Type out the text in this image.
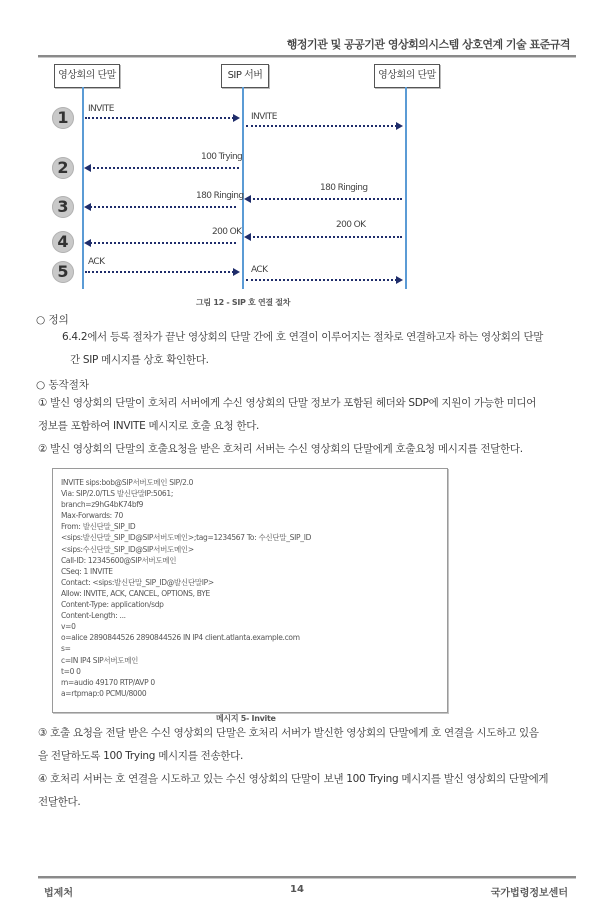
행정기관 및 공공기관 영상회의시스템 상호연계 기술 표준규격
영상회의 단말	SIP 서버	영상회의 단말
1
2
3
4
5
INVITE
INVITE
100 Trying
180 Ringing
180 Ringing
200 OK
200 OK
ACK
ACK
그림 12 - SIP 호 연결 절차
○ 정의
6.4.2에서 등록 절차가 끝난 영상회의 단말 간에 호 연결이 이루어지는 절차로 연결하고자 하는 영상회의 단말
간 SIP 메시지를 상호 확인한다.
○ 동작절차
① 발신 영상회의 단말이 호처리 서버에게 수신 영상회의 단말 정보가 포함된 헤더와 SDP에 지원이 가능한 미디어
정보를 포함하여 INVITE 메시지로 호출 요청 한다.
② 발신 영상회의 단말의 호출요청을 받은 호처리 서버는 수신 영상회의 단말에게 호출요청 메시지를 전달한다.
INVITE sips:bob@SIP서버도메인 SIP/2.0
Via: SIP/2.0/TLS 발신단말IP:5061;
branch=z9hG4bK74bf9
Max-Forwards: 70
From: 발신단말_SIP_ID
<sips:발신단말_SIP_ID@SIP서버도메인>;tag=1234567 To: 수신단말_SIP_ID
<sips:수신단말_SIP_ID@SIP서버도메인>
Call-ID: 12345600@SIP서버도메인
CSeq: 1 INVITE
Contact: <sips:발신단말_SIP_ID@발신단말IP>
Allow: INVITE, ACK, CANCEL, OPTIONS, BYE
Content-Type: application/sdp
Content-Length: ...
v=0
o=alice 2890844526 2890844526 IN IP4 client.atlanta.example.com
s=
c=IN IP4 SIP서버도메인
t=0 0
m=audio 49170 RTP/AVP 0
a=rtpmap:0 PCMU/8000
메시지 5- Invite
③ 호출 요청을 전달 받은 수신 영상회의 단말은 호처리 서버가 발신한 영상회의 단말에게 호 연결을 시도하고 있음
을 전달하도록 100 Trying 메시지를 전송한다.
④ 호처리 서버는 호 연결을 시도하고 있는 수신 영상회의 단말이 보낸 100 Trying 메시지를 발신 영상회의 단말에게
전달한다.
법제처	14	국가법령정보센터
